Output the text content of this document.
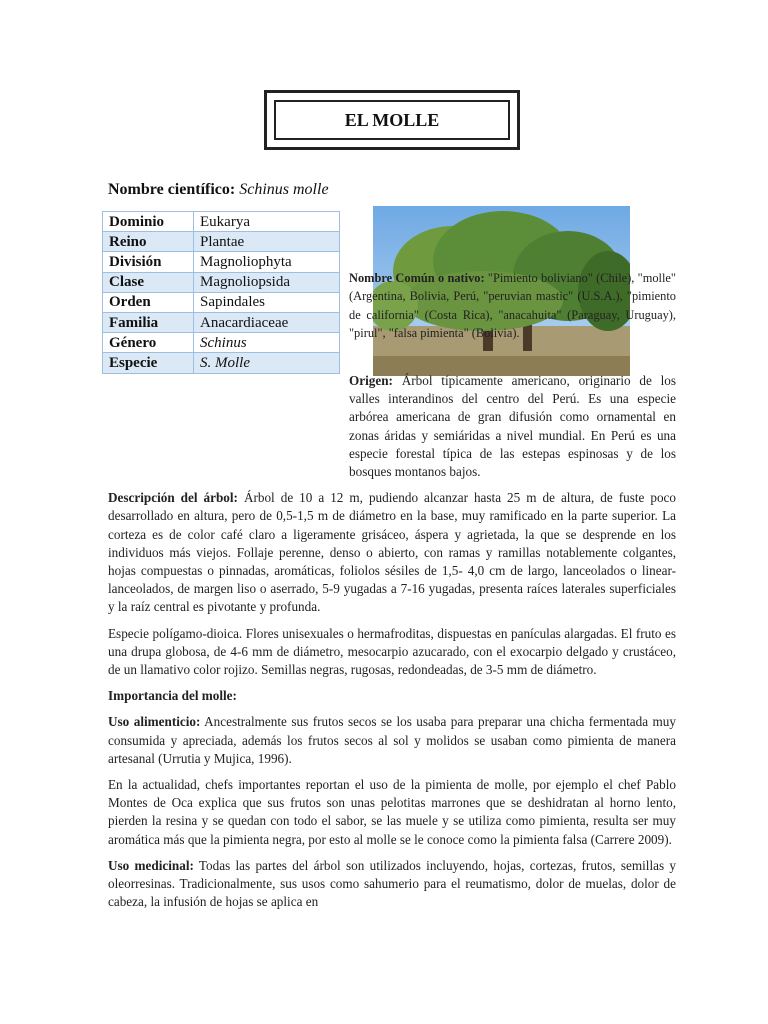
EL MOLLE
Nombre científico: Schinus molle
Dominio	Eukarya
Reino	Plantae
División	Magnoliophyta
Clase	Magnoliopsida
Orden	Sapindales
Familia	Anacardiaceae
Género	Schinus
Especie	S. Molle
Nombre Común o nativo: "Pimiento boliviano" (Chile), "molle" (Argentina, Bolivia, Perú, "peruvian mastic" (U.S.A.), "pimiento de california" (Costa Rica), "anacahuita" (Paraguay, Uruguay), "pirul", "falsa pimienta" (Bolivia).

Origen: Árbol típicamente americano, originario de los valles interandinos del centro del Perú. Es una especie arbórea americana de gran difusión como ornamental en zonas áridas y semiáridas a nivel mundial. En Perú es una especie forestal típica de las estepas espinosas y de los bosques montanos bajos.

Descripción del árbol: Árbol de 10 a 12 m, pudiendo alcanzar hasta 25 m de altura, de fuste poco desarrollado en altura, pero de 0,5-1,5 m de diámetro en la base, muy ramificado en la parte superior. La corteza es de color café claro a ligeramente grisáceo, áspera y agrietada, la que se desprende en los individuos más viejos. Follaje perenne, denso o abierto, con ramas y ramillas notablemente colgantes, hojas compuestas o pinnadas, aromáticas, foliolos sésiles de 1,5- 4,0 cm de largo, lanceolados o linear-lanceolados, de margen liso o aserrado, 5-9 yugadas a 7-16 yugadas, presenta raíces laterales superficiales y la raíz central es pivotante y profunda.

Especie polígamo-dioica. Flores unisexuales o hermafroditas, dispuestas en panículas alargadas. El fruto es una drupa globosa, de 4-6 mm de diámetro, mesocarpio azucarado, con el exocarpio delgado y crustáceo, de un llamativo color rojizo. Semillas negras, rugosas, redondeadas, de 3-5 mm de diámetro.

Importancia del molle:

Uso alimenticio: Ancestralmente sus frutos secos se los usaba para preparar una chicha fermentada muy consumida y apreciada, además los frutos secos al sol y molidos se usaban como pimienta de manera artesanal (Urrutia y Mujica, 1996).

En la actualidad, chefs importantes reportan el uso de la pimienta de molle, por ejemplo el chef Pablo Montes de Oca explica que sus frutos son unas pelotitas marrones que se deshidratan al horno lento, pierden la resina y se quedan con todo el sabor, se las muele y se utiliza como pimienta, resulta ser muy aromática más que la pimienta negra, por esto al molle se le conoce como la pimienta falsa (Carrere 2009).

Uso medicinal: Todas las partes del árbol son utilizados incluyendo, hojas, cortezas, frutos, semillas y oleorresinas. Tradicionalmente, sus usos como sahumerio para el reumatismo, dolor de muelas, dolor de cabeza, la infusión de hojas se aplica en
